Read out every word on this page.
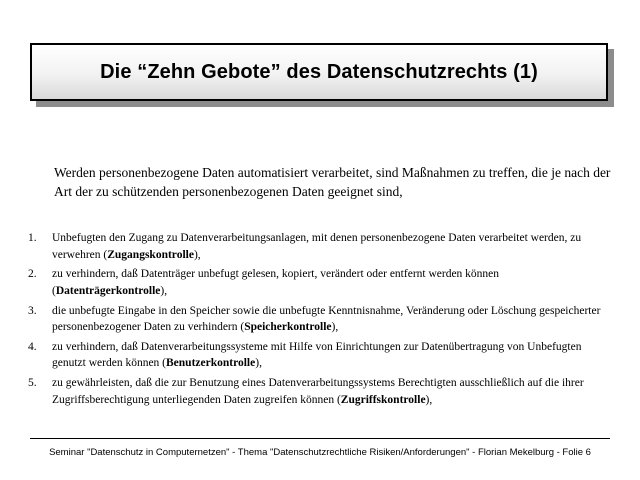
Die “Zehn Gebote” des Datenschutzrechts (1)
Werden personenbezogene Daten automatisiert verarbeitet, sind Maßnahmen zu treffen, die je nach der Art der zu schützenden personenbezogenen Daten geeignet sind,
1. Unbefugten den Zugang zu Datenverarbeitungsanlagen, mit denen personenbezogene Daten verarbeitet werden, zu verwehren (Zugangskontrolle),
2. zu verhindern, daß Datenträger unbefugt gelesen, kopiert, verändert oder entfernt werden können (Datenträgerkontrolle),
3. die unbefugte Eingabe in den Speicher sowie die unbefugte Kenntnisnahme, Veränderung oder Löschung gespeicherter personenbezogener Daten zu verhindern (Speicherkontrolle),
4. zu verhindern, daß Datenverarbeitungssysteme mit Hilfe von Einrichtungen zur Datenübertragung von Unbefugten genutzt werden können (Benutzerkontrolle),
5. zu gewährleisten, daß die zur Benutzung eines Datenverarbeitungssystems Berechtigten ausschließlich auf die ihrer Zugriffsberechtigung unterliegenden Daten zugreifen können (Zugriffskontrolle),
Seminar "Datenschutz in Computernetzen" - Thema "Datenschutzrechtliche Risiken/Anforderungen" - Florian Mekelburg - Folie 6
